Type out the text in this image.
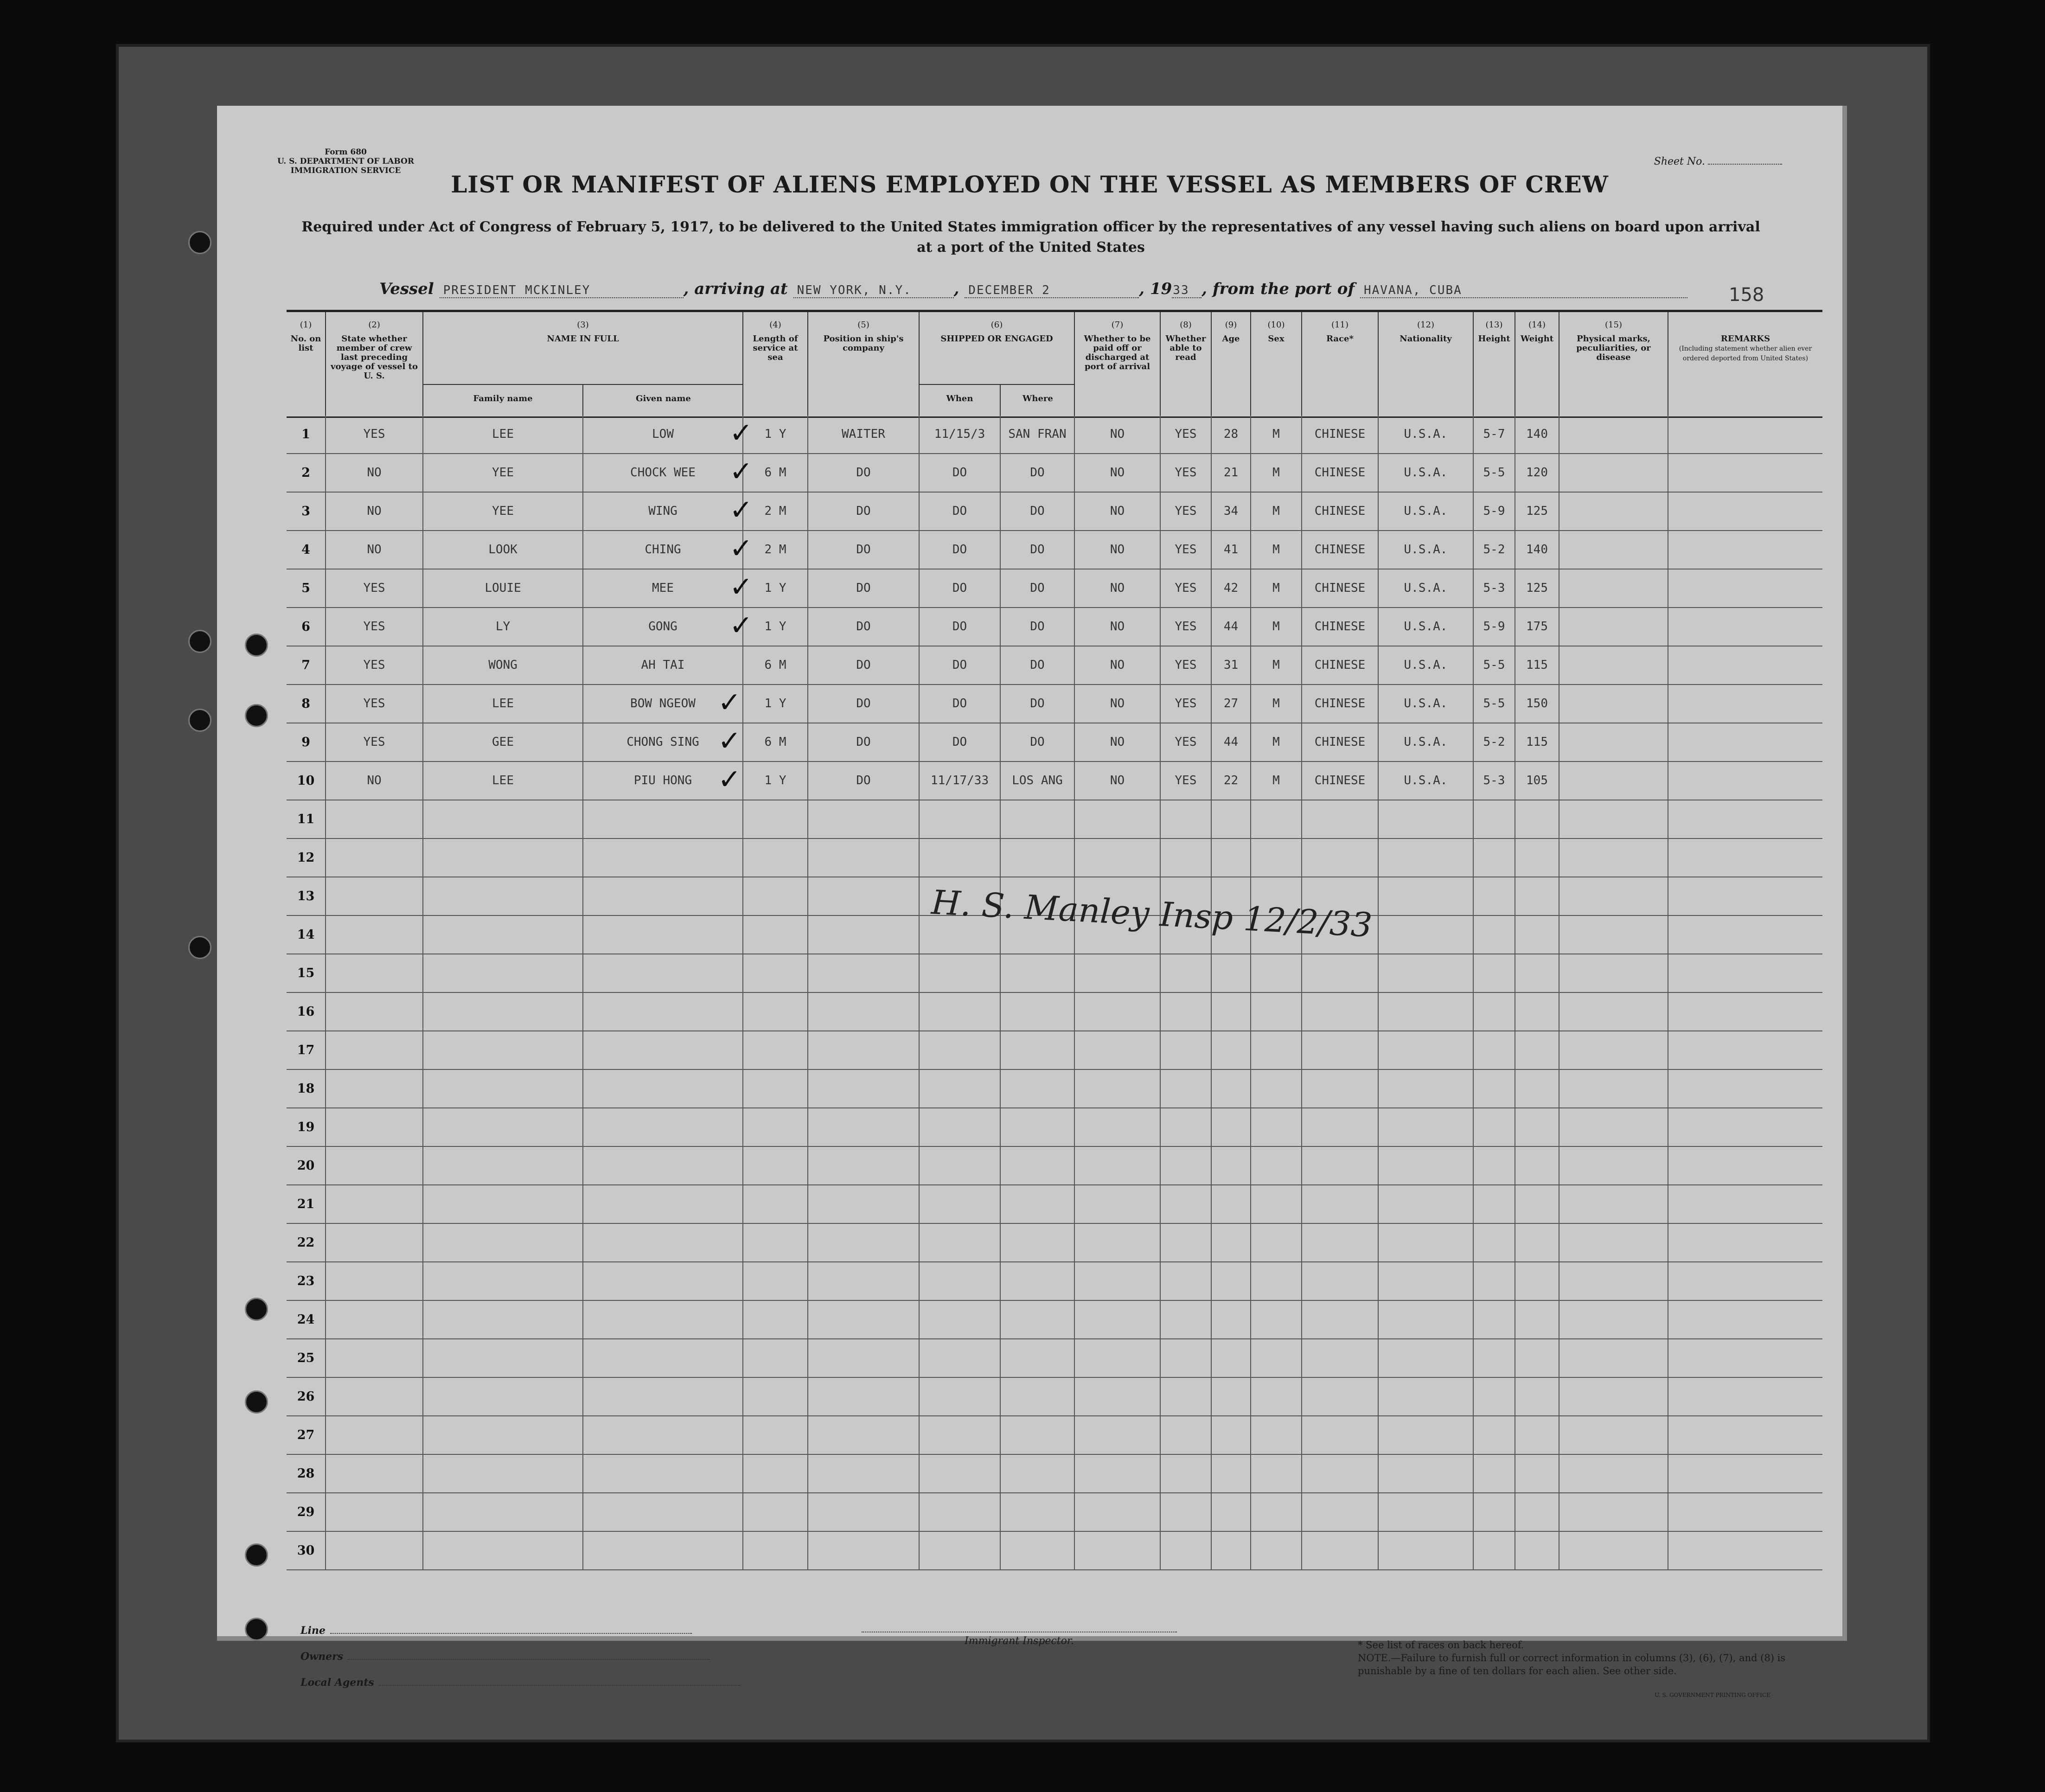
Form 680
U. S. DEPARTMENT OF LABOR
IMMIGRATION SERVICE
Sheet No.
LIST OR MANIFEST OF ALIENS EMPLOYED ON THE VESSEL AS MEMBERS OF CREW
Required under Act of Congress of February 5, 1917, to be delivered to the United States immigration officer by the representatives of any vessel having such aliens on board upon arrival at a port of the United States
Vessel PRESIDENT MCKINLEY	, arriving at NEW YORK, N.Y.	, DECEMBER 2	, 1933 , from the port of HAVANA, CUBA	158
(1)
No. on list
(2)
State whether member of crew last preceding voyage of vessel to U. S.
(3)
NAME IN FULL
Family name	Given name
(4)
Length of service at sea
(5)
Position in ship's company
(6)
SHIPPED OR ENGAGED
When	Where
(7)
Whether to be paid off or discharged at port of arrival
(8)
Whether able to read
(9)
Age
(10)
Sex
(11)
Race*
(12)
Nationality
(13)
Height
(14)
Weight
(15)
Physical marks, peculiarities, or disease
REMARKS
(Including statement whether alien ever ordered deported from United States)
1	YES	LEE	LOW	✓ 1 Y	WAITER	11/15/3	SAN FRAN	NO	YES	28	M	CHINESE	U.S.A.	5-7	140
2	NO	YEE	CHOCK WEE	✓ 6 M	DO	DO	DO	NO	YES	21	M	CHINESE	U.S.A.	5-5	120
3	NO	YEE	WING	✓ 2 M	DO	DO	DO	NO	YES	34	M	CHINESE	U.S.A.	5-9	125
4	NO	LOOK	CHING	✓ 2 M	DO	DO	DO	NO	YES	41	M	CHINESE	U.S.A.	5-2	140
5	YES	LOUIE	MEE	✓ 1 Y	DO	DO	DO	NO	YES	42	M	CHINESE	U.S.A.	5-3	125
6	YES	LY	GONG	✓ 1 Y	DO	DO	DO	NO	YES	44	M	CHINESE	U.S.A.	5-9	175
7	YES	WONG	AH TAI	6 M	DO	DO	DO	NO	YES	31	M	CHINESE	U.S.A.	5-5	115
8	YES	LEE	BOW NGEOW ✓	1 Y	DO	DO	DO	NO	YES	27	M	CHINESE	U.S.A.	5-5	150
9	YES	GEE	CHONG SING ✓	6 M	DO	DO	DO	NO	YES	44	M	CHINESE	U.S.A.	5-2	115
10	NO	LEE	PIU HONG ✓	1 Y	DO	11/17/33	LOS ANG	NO	YES	22	M	CHINESE	U.S.A.	5-3	105
11
12
13
14
15
16
17
18
19
20
21
22
23
24
25
26
27
28
29
30
H. S. Manley Insp 12/2/33
Line
Owners
Local Agents
Immigrant Inspector.	* See list of races on back hereof.
NOTE.—Failure to furnish full or correct information in columns (3), (6), (7), and (8) is punishable by a fine of ten dollars for each alien. See other side.
U. S. GOVERNMENT PRINTING OFFICE
